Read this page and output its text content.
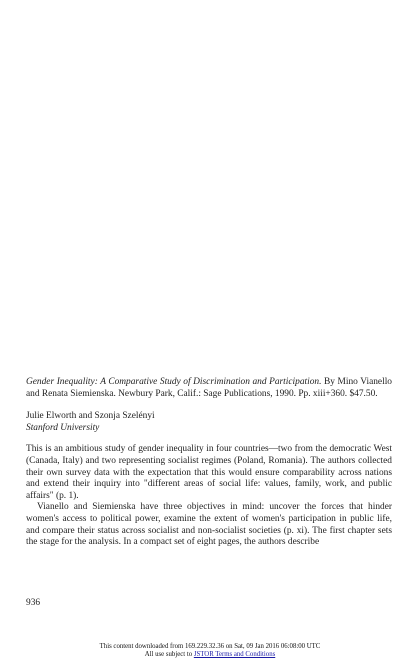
Gender Inequality: A Comparative Study of Discrimination and Participation. By Mino Vianello and Renata Siemienska. Newbury Park, Calif.: Sage Publications, 1990. Pp. xiii+360. $47.50.

Julie Elworth and Szonja Szelényi
Stanford University

This is an ambitious study of gender inequality in four countries—two from the democratic West (Canada, Italy) and two representing socialist regimes (Poland, Romania). The authors collected their own survey data with the expectation that this would ensure comparability across nations and extend their inquiry into "different areas of social life: values, family, work, and public affairs" (p. 1).

Vianello and Siemienska have three objectives in mind: uncover the forces that hinder women's access to political power, examine the extent of women's participation in public life, and compare their status across socialist and non-socialist societies (p. xi). The first chapter sets the stage for the analysis. In a compact set of eight pages, the authors describe

936
This content downloaded from 169.229.32.36 on Sat, 09 Jan 2016 06:08:00 UTC
All use subject to JSTOR Terms and Conditions
